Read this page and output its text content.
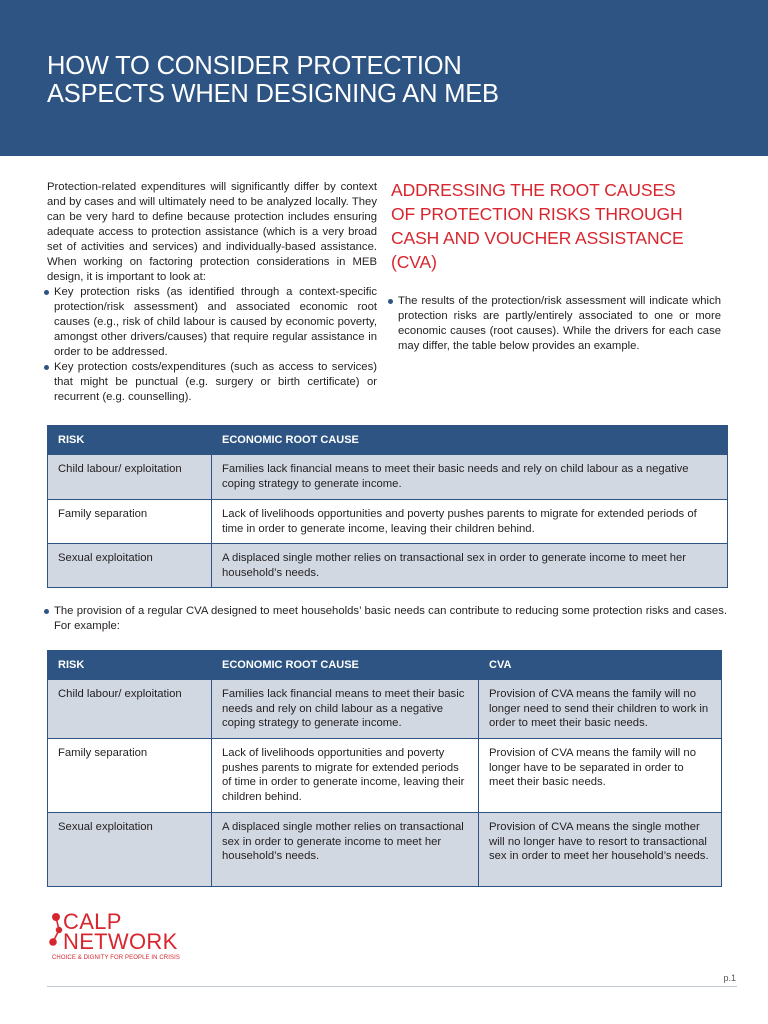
HOW TO CONSIDER PROTECTION
ASPECTS WHEN DESIGNING AN MEB

Protection-related expenditures will significantly differ by context and by cases and will ultimately need to be analyzed locally. They can be very hard to define because protection includes ensuring adequate access to protection assistance (which is a very broad set of activities and services) and individually-based assistance. When working on factoring protection considerations in MEB design, it is important to look at:

Key protection risks (as identified through a context-specific protection/risk assessment) and associated economic root causes (e.g., risk of child labour is caused by economic poverty, amongst other drivers/causes) that require regular assistance in order to be addressed.
Key protection costs/expenditures (such as access to services) that might be punctual (e.g. surgery or birth certificate) or recurrent (e.g. counselling).
ADDRESSING THE ROOT CAUSES
OF PROTECTION RISKS THROUGH
CASH AND VOUCHER ASSISTANCE
(CVA)
The results of the protection/risk assessment will indicate which protection risks are partly/entirely associated to one or more economic causes (root causes). While the drivers for each case may differ, the table below provides an example.
RISK	ECONOMIC ROOT CAUSE
Child labour/ exploitation	Families lack financial means to meet their basic needs and rely on child labour as a negative coping strategy to generate income.
Family separation	Lack of livelihoods opportunities and poverty pushes parents to migrate for extended periods of time in order to generate income, leaving their children behind.
Sexual exploitation	A displaced single mother relies on transactional sex in order to generate income to meet her household’s needs.
The provision of a regular CVA designed to meet households’ basic needs can contribute to reducing some protection risks and cases. For example:
RISK	ECONOMIC ROOT CAUSE	CVA
Child labour/ exploitation	Families lack financial means to meet their basic needs and rely on child labour as a negative coping strategy to generate income.	Provision of CVA means the family will no longer need to send their children to work in order to meet their basic needs.
Family separation	Lack of livelihoods opportunities and poverty pushes parents to migrate for extended periods of time in order to generate income, leaving their children behind.	Provision of CVA means the family will no longer have to be separated in order to meet their basic needs.
Sexual exploitation	A displaced single mother relies on transactional sex in order to generate income to meet her household’s needs.	Provision of CVA means the single mother will no longer have to resort to transactional sex in order to meet her household’s needs.
CALP
NETWORK
CHOICE & DIGNITY FOR PEOPLE IN CRISIS
p.1
